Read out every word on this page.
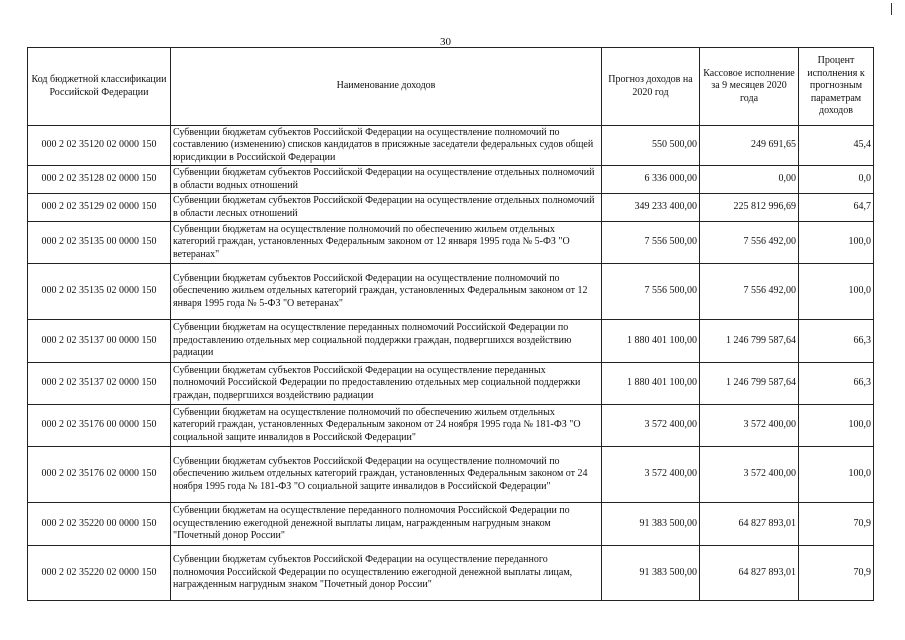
30
Код бюджетной классификации Российской Федерации	Наименование доходов	Прогноз доходов на 2020 год	Кассовое исполнение за 9 месяцев 2020 года	Процент исполнения к прогнозным параметрам доходов
000 2 02 35120 02 0000 150	Субвенции бюджетам субъектов Российской Федерации на осуществление полномочий по составлению (изменению) списков кандидатов в присяжные заседатели федеральных судов общей юрисдикции в Российской Федерации	550 500,00	249 691,65	45,4
000 2 02 35128 02 0000 150	Субвенции бюджетам субъектов Российской Федерации на осуществление отдельных полномочий в области водных отношений	6 336 000,00	0,00	0,0
000 2 02 35129 02 0000 150	Субвенции бюджетам субъектов Российской Федерации на осуществление отдельных полномочий в области лесных отношений	349 233 400,00	225 812 996,69	64,7
000 2 02 35135 00 0000 150	Субвенции бюджетам на осуществление полномочий по обеспечению жильем отдельных категорий граждан, установленных Федеральным законом от 12 января 1995 года № 5-ФЗ "О ветеранах"	7 556 500,00	7 556 492,00	100,0
000 2 02 35135 02 0000 150	Субвенции бюджетам субъектов Российской Федерации на осуществление полномочий по обеспечению жильем отдельных категорий граждан, установленных Федеральным законом от 12 января 1995 года № 5-ФЗ "О ветеранах"	7 556 500,00	7 556 492,00	100,0
000 2 02 35137 00 0000 150	Субвенции бюджетам на осуществление переданных полномочий Российской Федерации по предоставлению отдельных мер социальной поддержки граждан, подвергшихся воздействию радиации	1 880 401 100,00	1 246 799 587,64	66,3
000 2 02 35137 02 0000 150	Субвенции бюджетам субъектов Российской Федерации на осуществление переданных полномочий Российской Федерации по предоставлению отдельных мер социальной поддержки граждан, подвергшихся воздействию радиации	1 880 401 100,00	1 246 799 587,64	66,3
000 2 02 35176 00 0000 150	Субвенции бюджетам на осуществление полномочий по обеспечению жильем отдельных категорий граждан, установленных Федеральным законом от 24 ноября 1995 года № 181-ФЗ "О социальной защите инвалидов в Российской Федерации"	3 572 400,00	3 572 400,00	100,0
000 2 02 35176 02 0000 150	Субвенции бюджетам субъектов Российской Федерации на осуществление полномочий по обеспечению жильем отдельных категорий граждан, установленных Федеральным законом от 24 ноября 1995 года № 181-ФЗ "О социальной защите инвалидов в Российской Федерации"	3 572 400,00	3 572 400,00	100,0
000 2 02 35220 00 0000 150	Субвенции бюджетам на осуществление переданного полномочия Российской Федерации по осуществлению ежегодной денежной выплаты лицам, награжденным нагрудным знаком "Почетный донор России"	91 383 500,00	64 827 893,01	70,9
000 2 02 35220 02 0000 150	Субвенции бюджетам субъектов Российской Федерации на осуществление переданного полномочия Российской Федерации по осуществлению ежегодной денежной выплаты лицам, награжденным нагрудным знаком "Почетный донор России"	91 383 500,00	64 827 893,01	70,9
